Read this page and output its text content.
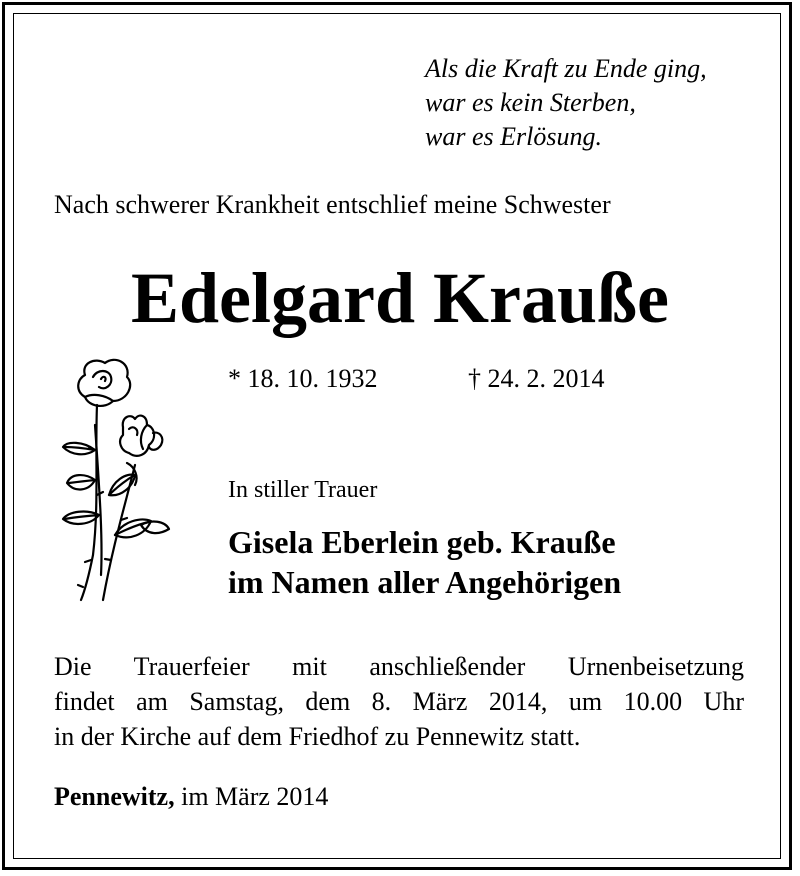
Als die Kraft zu Ende ging,
war es kein Sterben,
war es Erlösung.
Nach schwerer Krankheit entschlief meine Schwester
Edelgard Krauße
* 18. 10. 1932	† 24. 2. 2014
In stiller Trauer
Gisela Eberlein geb. Krauße
im Namen aller Angehörigen
Die Trauerfeier mit anschließender Urnenbeisetzung
findet am Samstag, dem 8. März 2014, um 10.00 Uhr
in der Kirche auf dem Friedhof zu Pennewitz statt.
Pennewitz, im März 2014
